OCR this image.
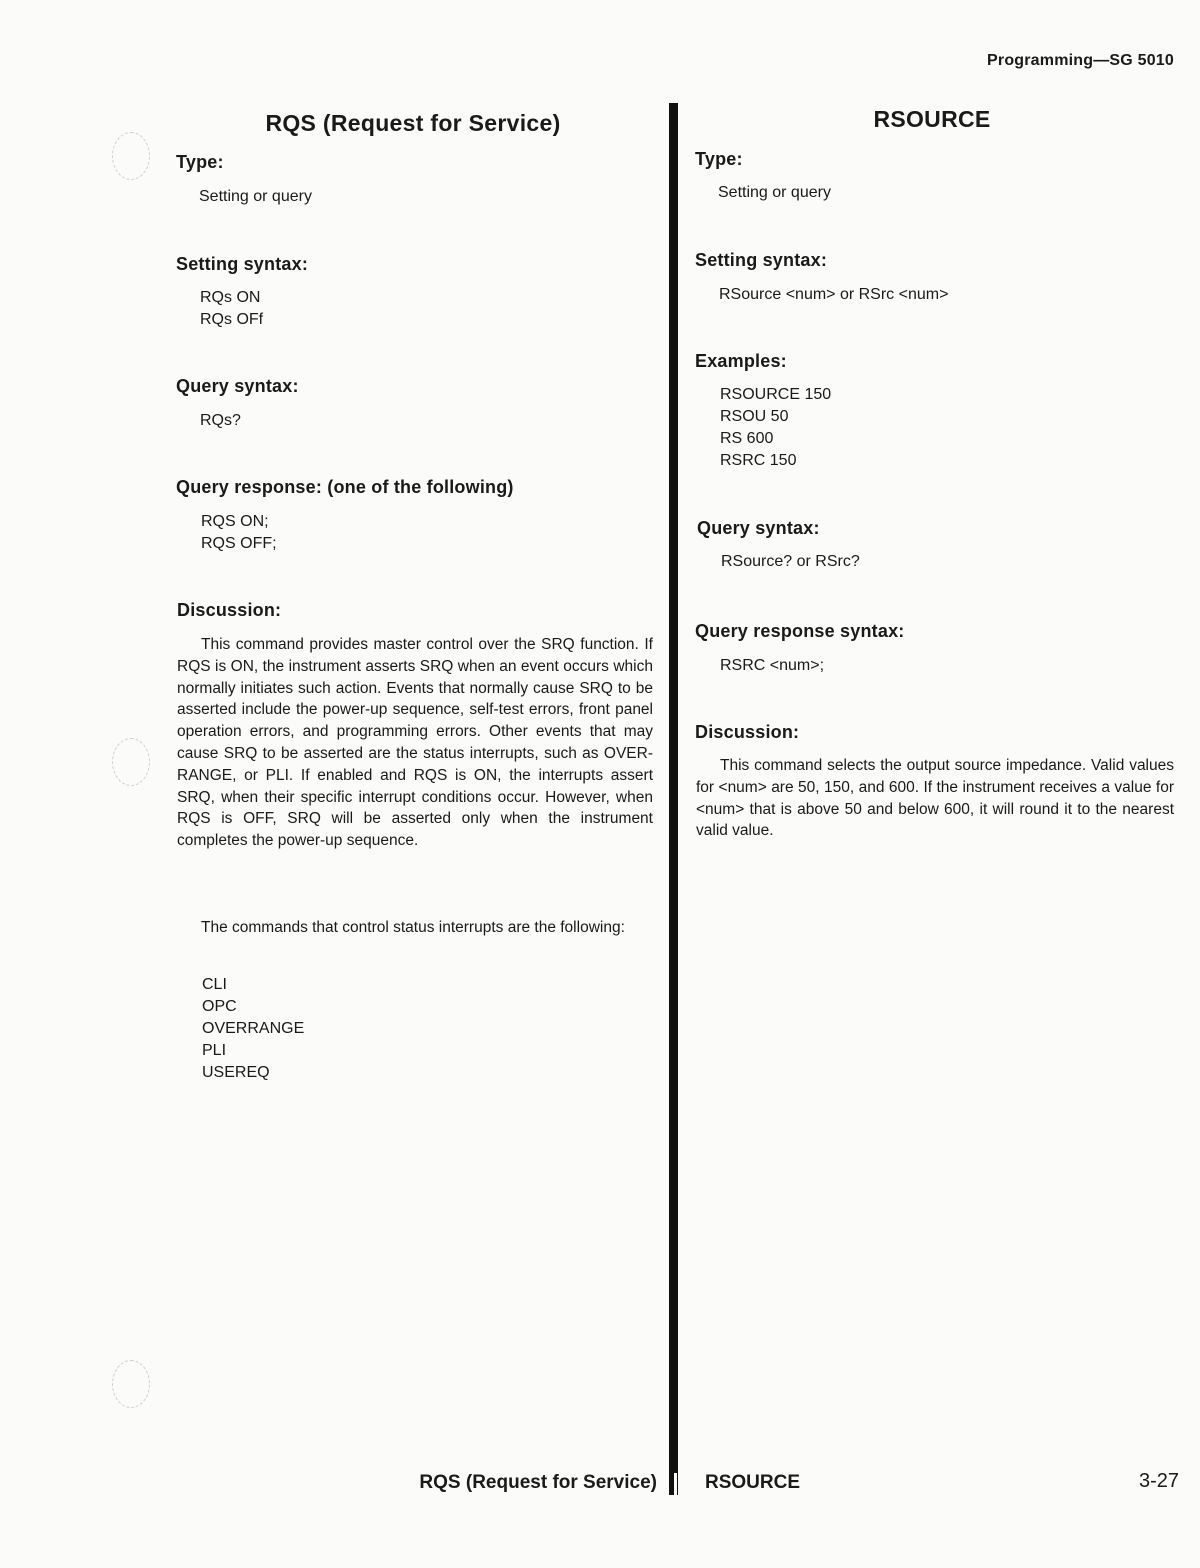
Programming—SG 5010
RQS (Request for Service)
Type:
Setting or query
Setting syntax:
RQs ON
RQs OFf
Query syntax:
RQs?
Query response: (one of the following)
RQS ON;
RQS OFF;
Discussion:
This command provides master control over the SRQ function. If RQS is ON, the instrument asserts SRQ when an event occurs which normally initiates such action. Events that normally cause SRQ to be asserted include the power-up sequence, self-test errors, front panel operation errors, and programming errors. Other events that may cause SRQ to be asserted are the status interrupts, such as OVER-RANGE, or PLI. If enabled and RQS is ON, the interrupts assert SRQ, when their specific interrupt conditions occur. However, when RQS is OFF, SRQ will be asserted only when the instrument completes the power-up sequence.
The commands that control status interrupts are the following:
CLI
OPC
OVERRANGE
PLI
USEREQ
RSOURCE
Type:
Setting or query
Setting syntax:
RSource <num> or RSrc <num>
Examples:
RSOURCE 150
RSOU 50
RS 600
RSRC 150
Query syntax:
RSource? or RSrc?
Query response syntax:
RSRC <num>;
Discussion:
This command selects the output source impedance. Valid values for <num> are 50, 150, and 600. If the instrument receives a value for <num> that is above 50 and below 600, it will round it to the nearest valid value.
RQS (Request for Service)	RSOURCE	3-27
